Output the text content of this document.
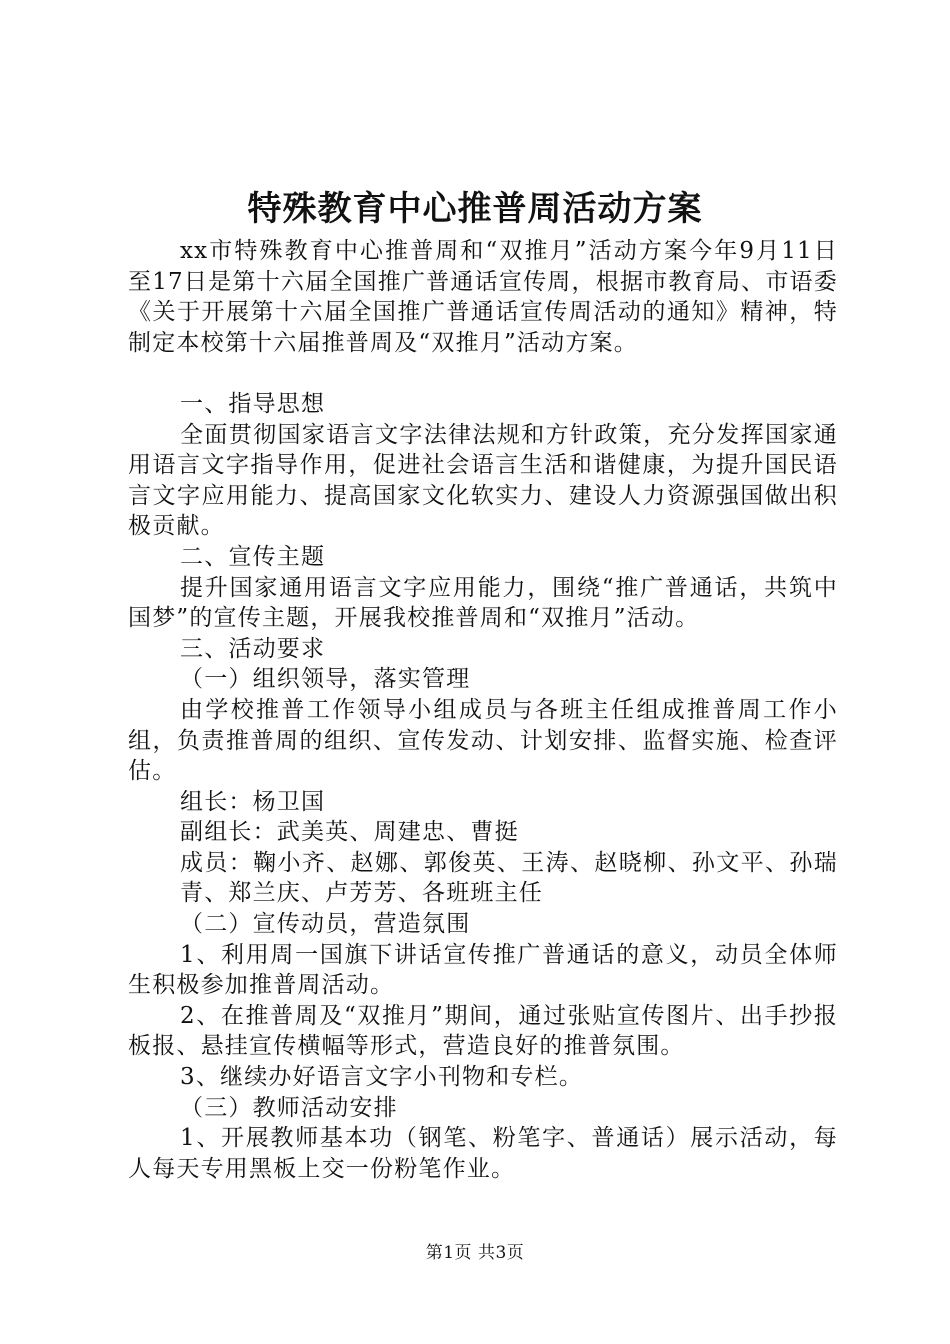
特殊教育中心推普周活动方案

xx市特殊教育中心推普周和“双推月”活动方案今年9月11日至17日是第十六届全国推广普通话宣传周，根据市教育局、市语委《关于开展第十六届全国推广普通话宣传周活动的通知》精神，特制定本校第十六届推普周及“双推月”活动方案。

一、指导思想

全面贯彻国家语言文字法律法规和方针政策，充分发挥国家通用语言文字指导作用，促进社会语言生活和谐健康，为提升国民语言文字应用能力、提高国家文化软实力、建设人力资源强国做出积极贡献。

二、宣传主题

提升国家通用语言文字应用能力，围绕“推广普通话，共筑中国梦”的宣传主题，开展我校推普周和“双推月”活动。

三、活动要求

（一）组织领导，落实管理

由学校推普工作领导小组成员与各班主任组成推普周工作小组，负责推普周的组织、宣传发动、计划安排、监督实施、检查评估。

组长：杨卫国

副组长：武美英、周建忠、曹挺

成员：鞠小齐、赵娜、郭俊英、王涛、赵晓柳、孙文平、孙瑞青、郑兰庆、卢芳芳、各班班主任

（二）宣传动员，营造氛围

1、利用周一国旗下讲话宣传推广普通话的意义，动员全体师生积极参加推普周活动。

2、在推普周及“双推月”期间，通过张贴宣传图片、出手抄报板报、悬挂宣传横幅等形式，营造良好的推普氛围。

3、继续办好语言文字小刊物和专栏。

（三）教师活动安排

1、开展教师基本功（钢笔、粉笔字、普通话）展示活动，每人每天专用黑板上交一份粉笔作业。

第1页 共3页
